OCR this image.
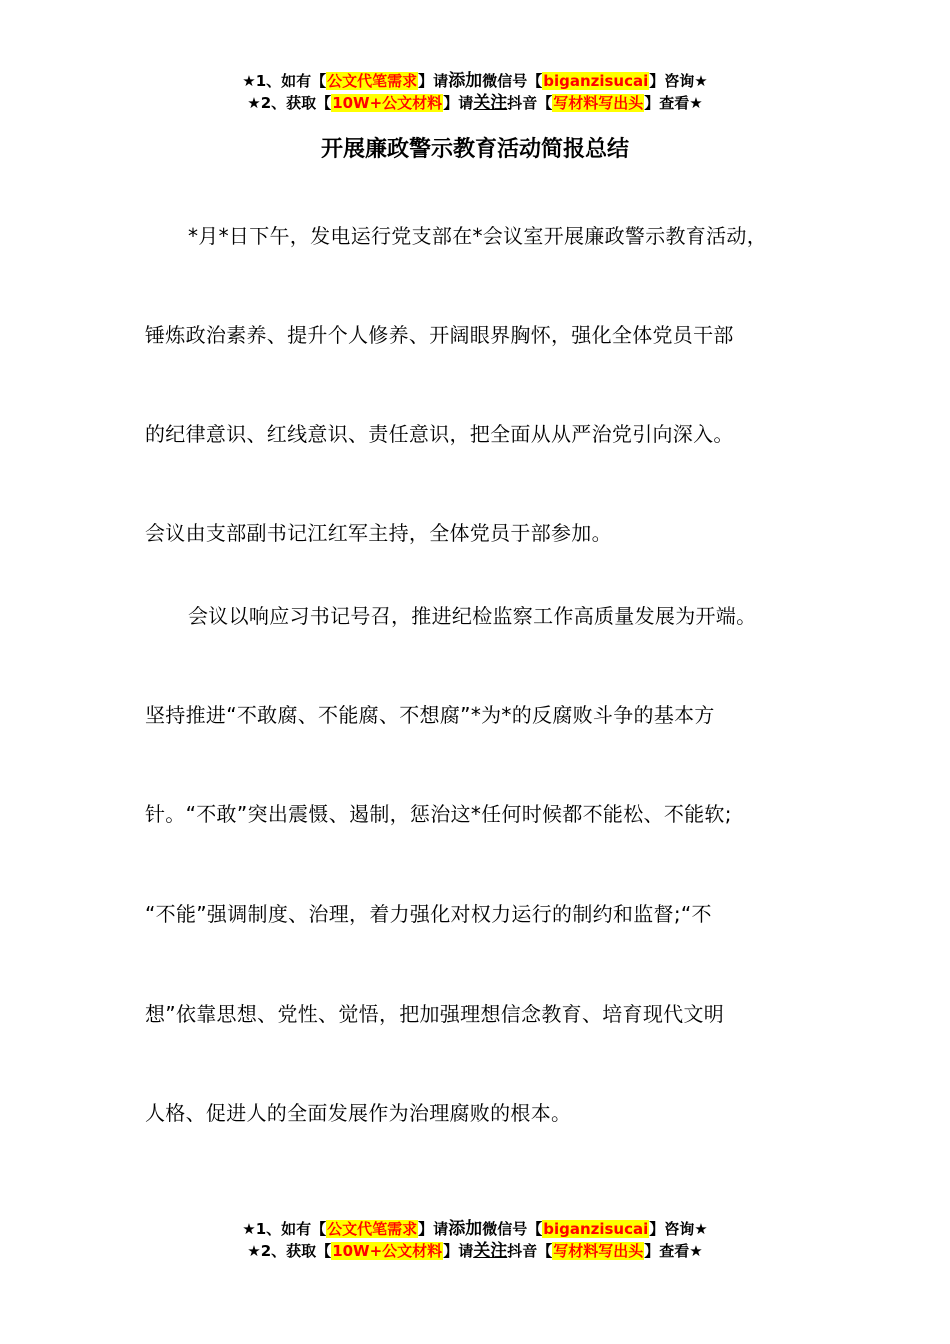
★1、如有【公文代笔需求】请添加微信号【biganzisucai】咨询★
★2、获取【10W+公文材料】请关注抖音【写材料写出头】查看★
开展廉政警示教育活动简报总结
*月*日下午，发电运行党支部在*会议室开展廉政警示教育活动，
锤炼政治素养、提升个人修养、开阔眼界胸怀，强化全体党员干部
的纪律意识、红线意识、责任意识，把全面从从严治党引向深入。
会议由支部副书记江红军主持，全体党员于部参加。
会议以响应习书记号召，推进纪检监察工作高质量发展为开端。
坚持推进“不敢腐、不能腐、不想腐”*为*的反腐败斗争的基本方
针。“不敢”突出震慑、遏制，惩治这*任何时候都不能松、不能软;
“不能”强调制度、治理，着力强化对权力运行的制约和监督;“不
想”依靠思想、党性、觉悟，把加强理想信念教育、培育现代文明
人格、促进人的全面发展作为治理腐败的根本。
★1、如有【公文代笔需求】请添加微信号【biganzisucai】咨询★
★2、获取【10W+公文材料】请关注抖音【写材料写出头】查看★
